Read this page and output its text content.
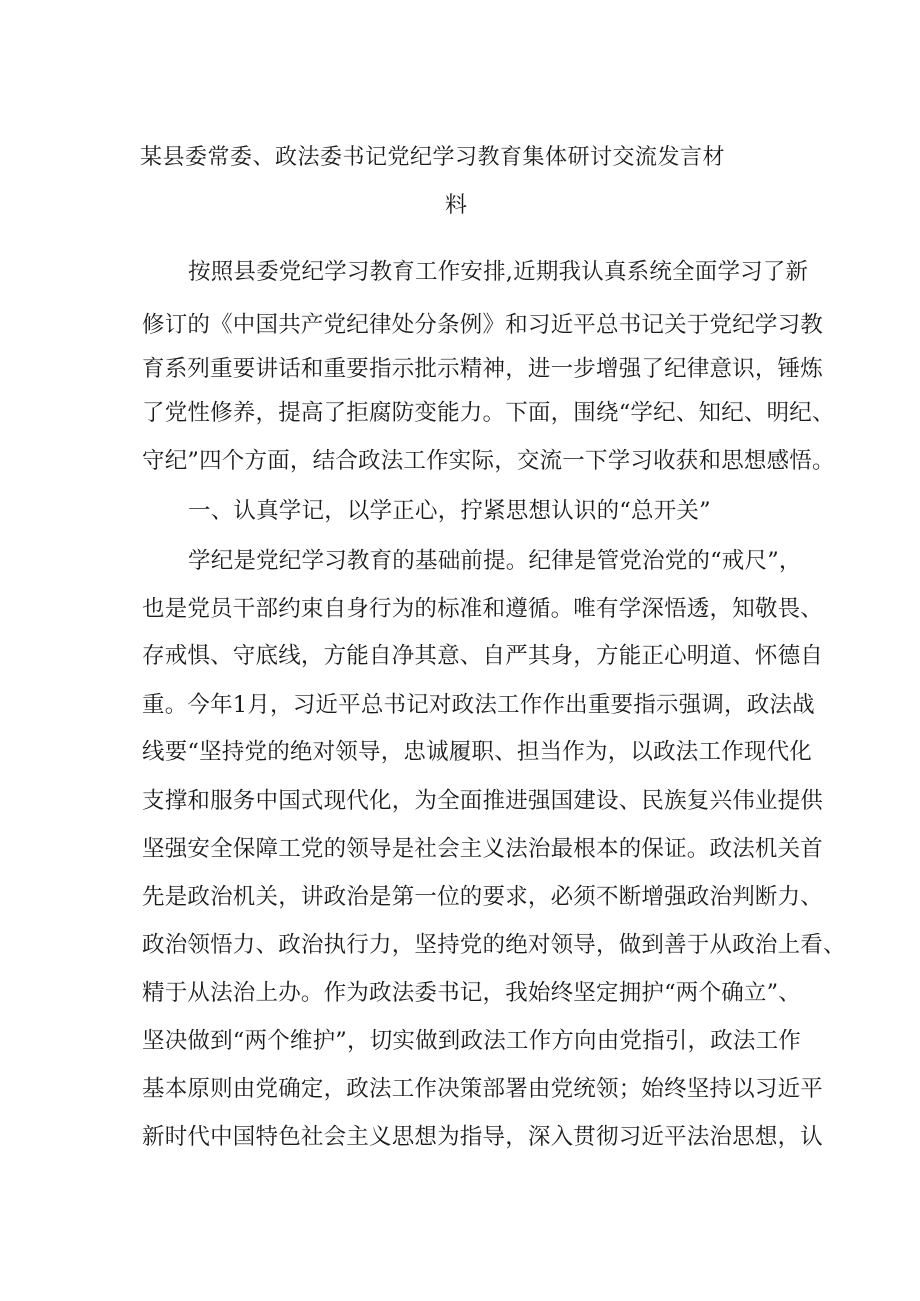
某县委常委、政法委书记党纪学习教育集体研讨交流发言材
料

按照县委党纪学习教育工作安排,近期我认真系统全面学习了新

修订的《中国共产党纪律处分条例》和习近平总书记关于党纪学习教

育系列重要讲话和重要指示批示精神，进一步增强了纪律意识，锤炼

了党性修养，提高了拒腐防变能力。下面，围绕“学纪、知纪、明纪、

守纪”四个方面，结合政法工作实际，交流一下学习收获和思想感悟。

一、认真学记，以学正心，拧紧思想认识的“总开关”

学纪是党纪学习教育的基础前提。纪律是管党治党的“戒尺”，

也是党员干部约束自身行为的标准和遵循。唯有学深悟透，知敬畏、

存戒惧、守底线，方能自净其意、自严其身，方能正心明道、怀德自

重。今年1月，习近平总书记对政法工作作出重要指示强调，政法战

线要“坚持党的绝对领导，忠诚履职、担当作为，以政法工作现代化

支撑和服务中国式现代化，为全面推进强国建设、民族复兴伟业提供

坚强安全保障工党的领导是社会主义法治最根本的保证。政法机关首

先是政治机关，讲政治是第一位的要求，必须不断增强政治判断力、

政治领悟力、政治执行力，坚持党的绝对领导，做到善于从政治上看、

精于从法治上办。作为政法委书记，我始终坚定拥护“两个确立”、

坚决做到“两个维护”，切实做到政法工作方向由党指引，政法工作

基本原则由党确定，政法工作决策部署由党统领；始终坚持以习近平

新时代中国特色社会主义思想为指导，深入贯彻习近平法治思想，认
